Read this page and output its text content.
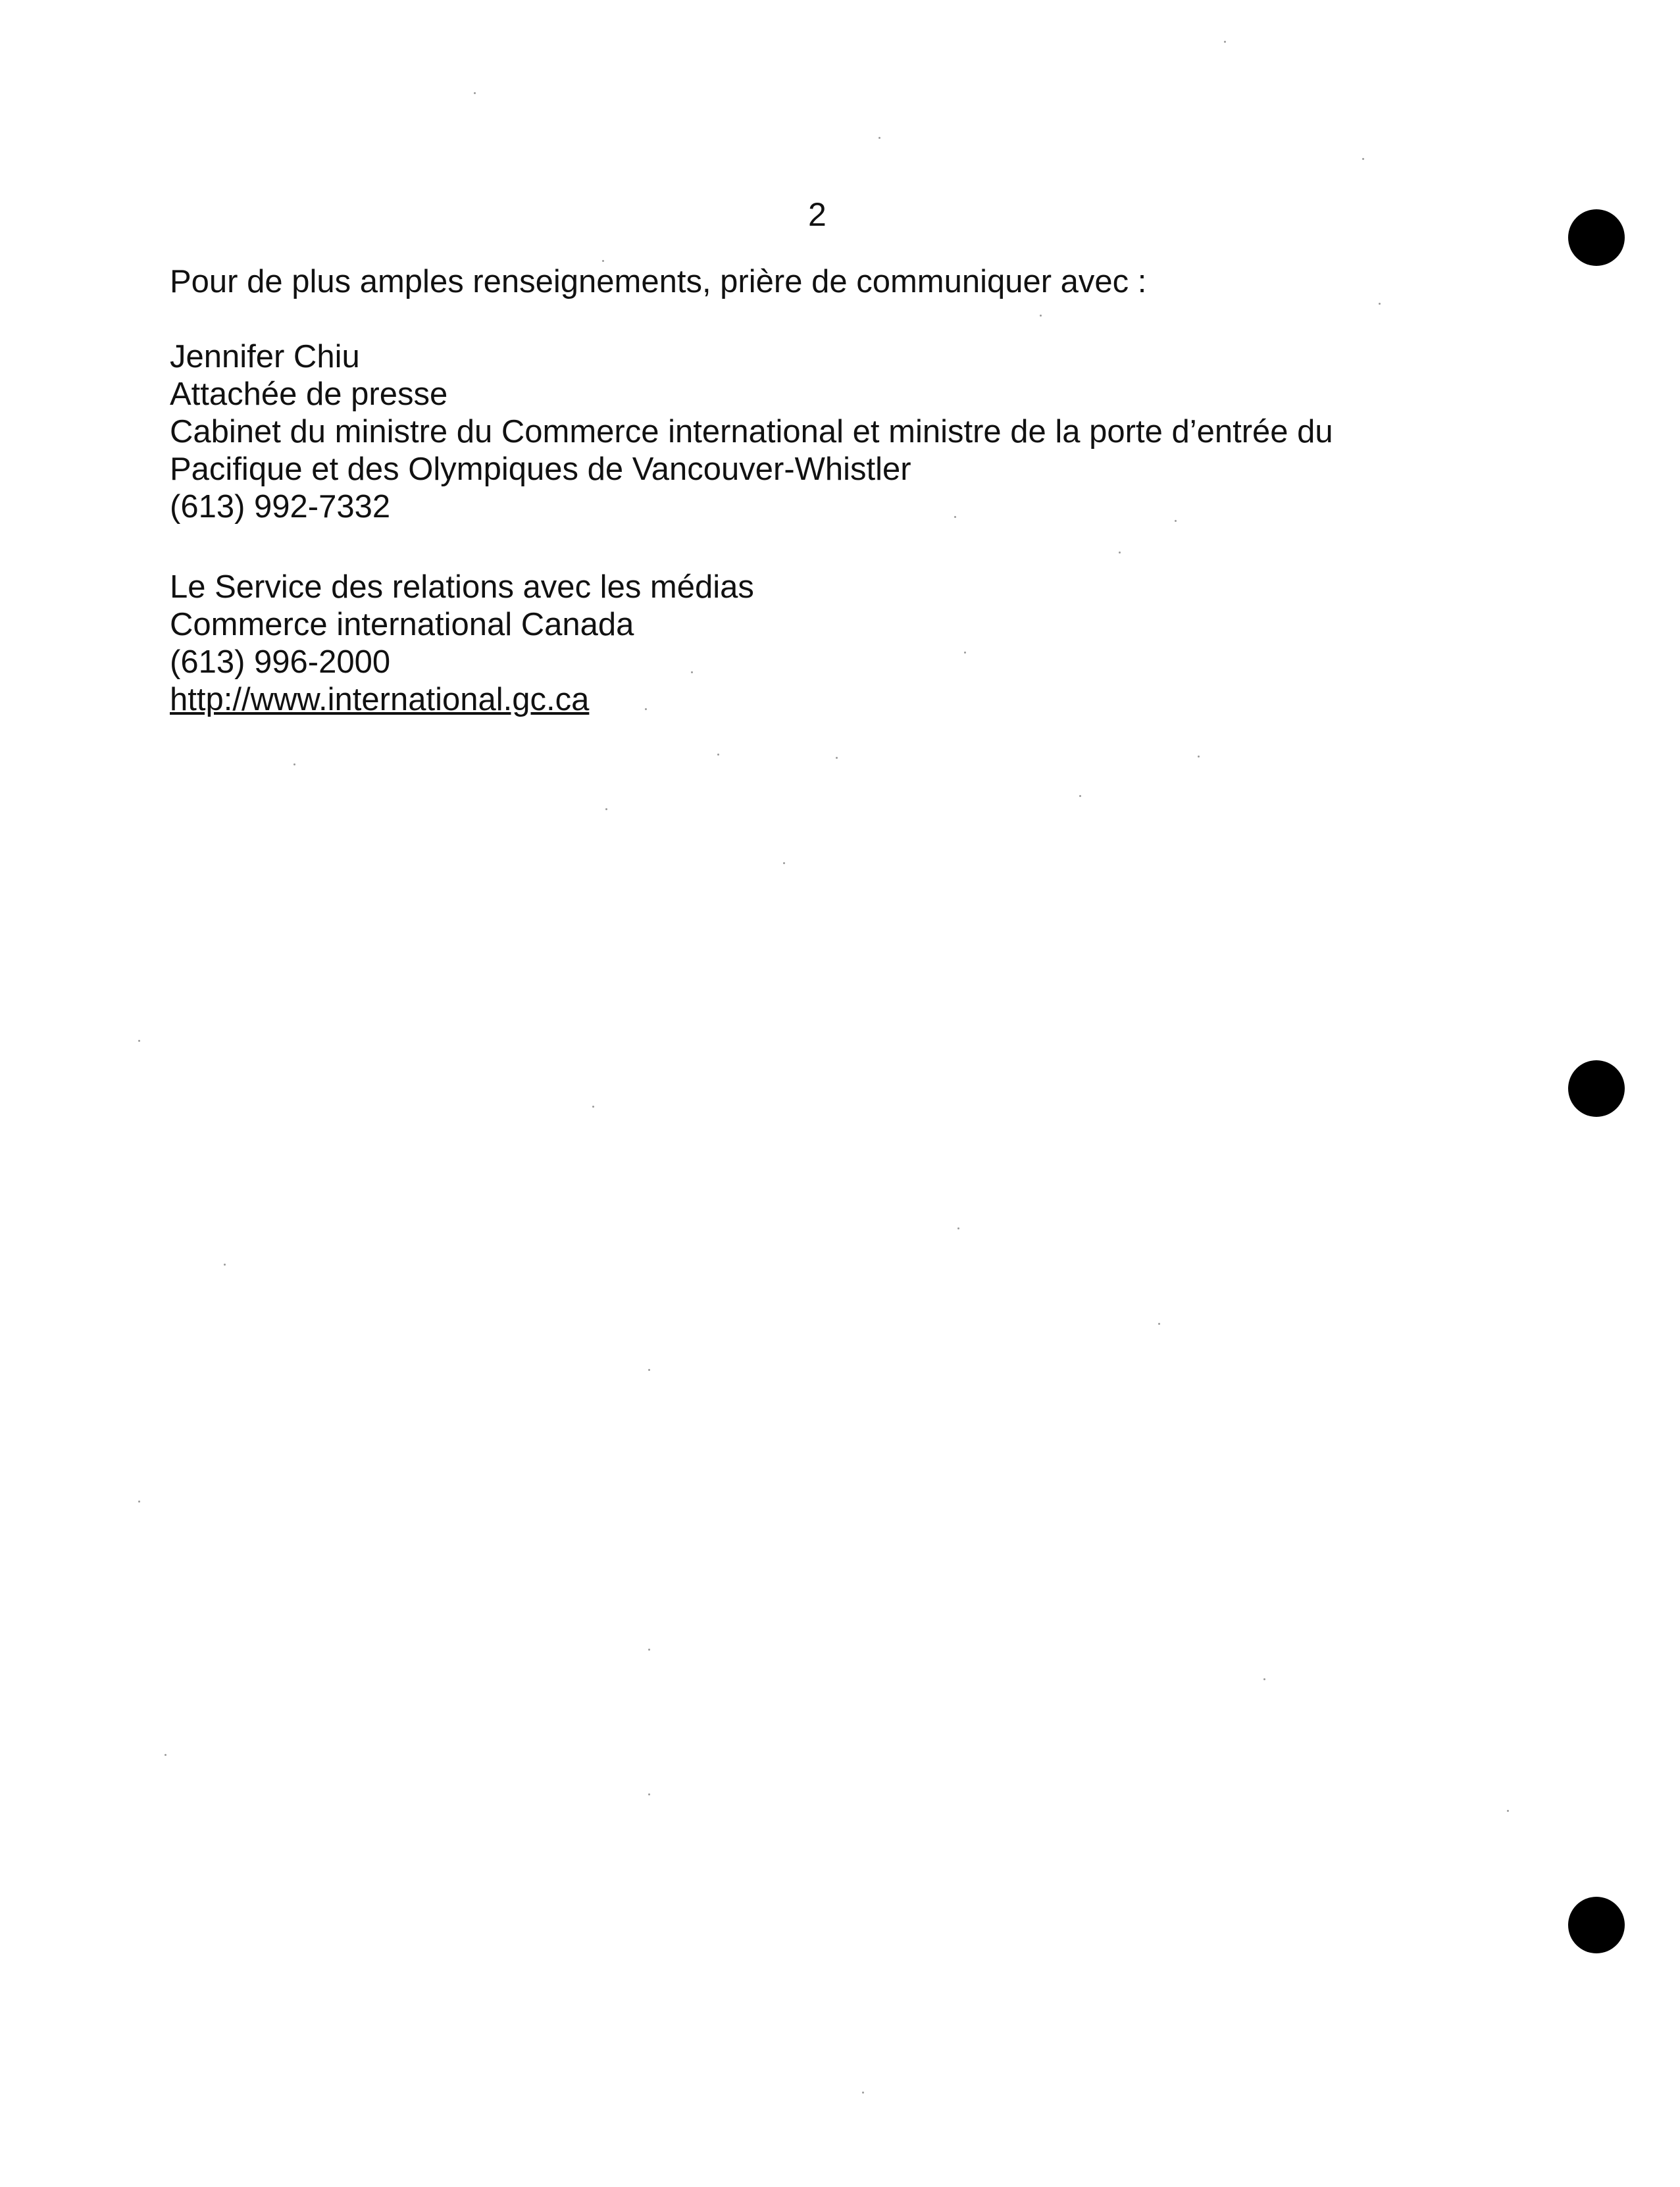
2
Pour de plus amples renseignements, prière de communiquer avec :
Jennifer Chiu
Attachée de presse
Cabinet du ministre du Commerce international et ministre de la porte d’entrée du
Pacifique et des Olympiques de Vancouver-Whistler
(613) 992-7332
Le Service des relations avec les médias
Commerce international Canada
(613) 996-2000
http://www.international.gc.ca
